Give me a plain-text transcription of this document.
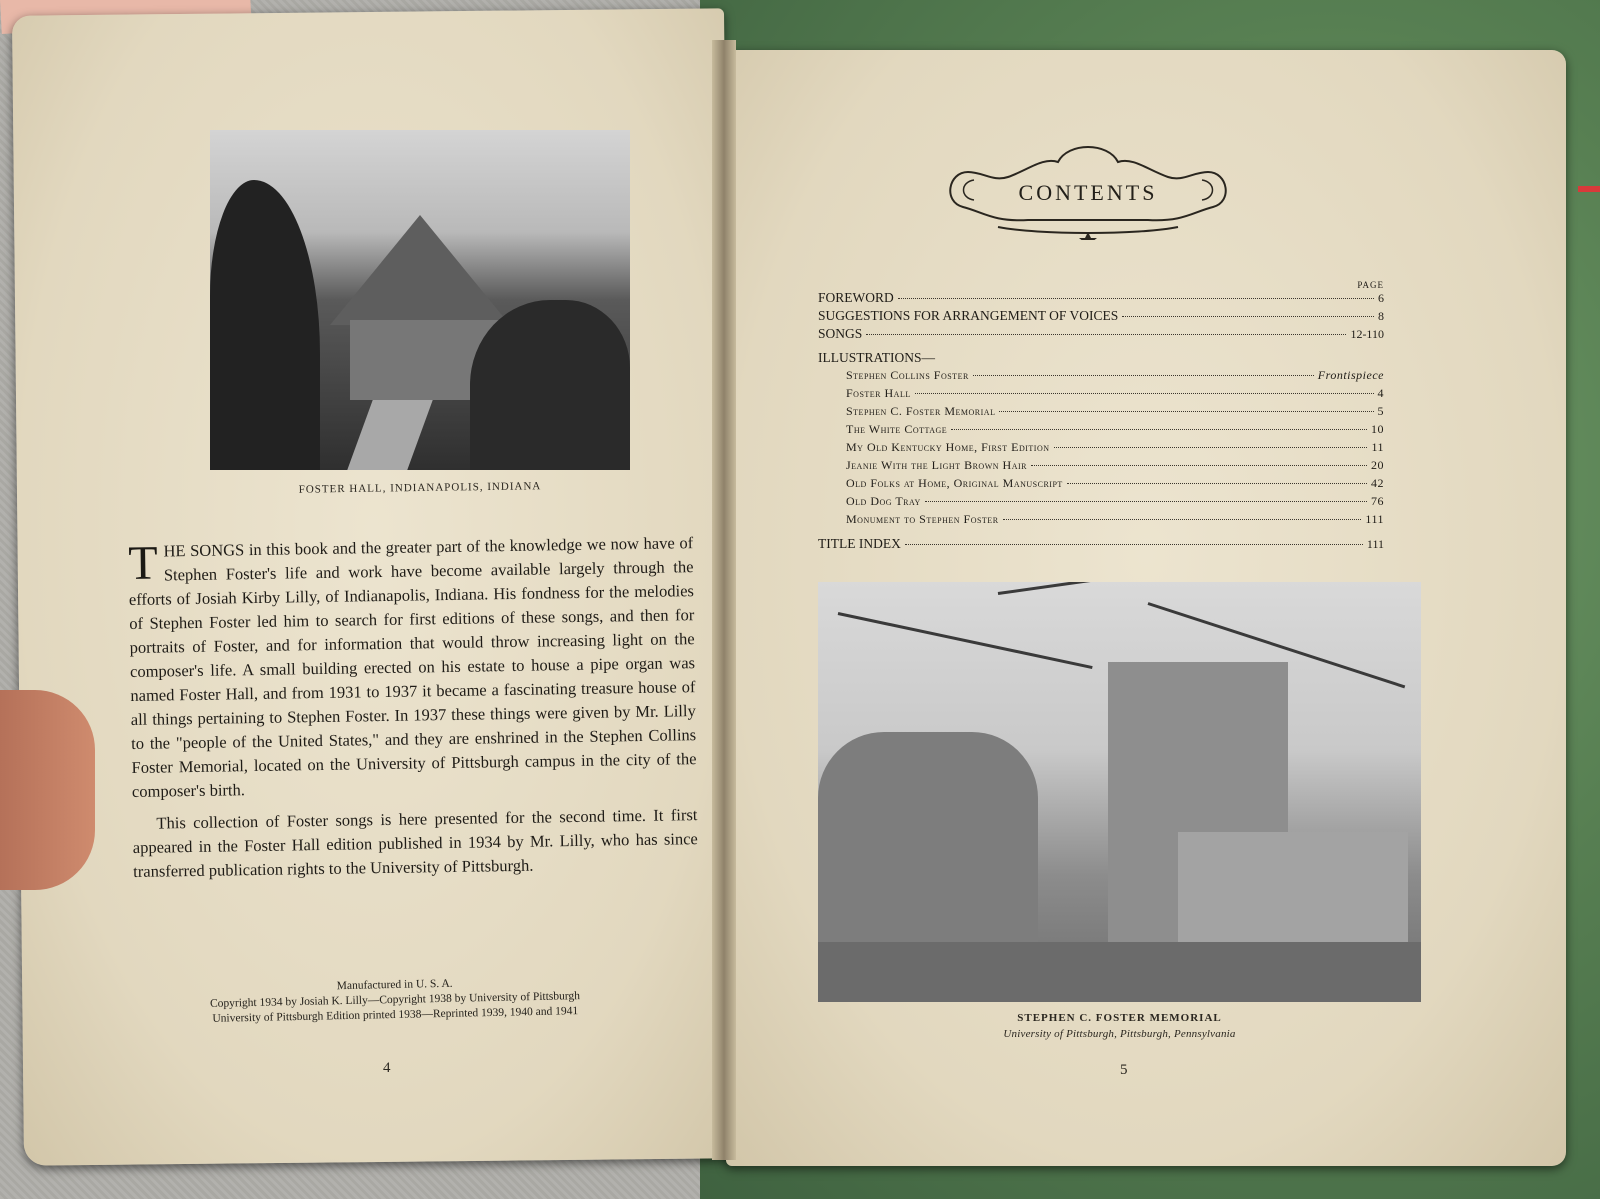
FOSTER HALL, INDIANAPOLIS, INDIANA

THE SONGS in this book and the greater part of the knowledge we now have of Stephen Foster's life and work have become available largely through the efforts of Josiah Kirby Lilly, of Indianapolis, Indiana. His fondness for the melodies of Stephen Foster led him to search for first editions of these songs, and then for portraits of Foster, and for information that would throw increasing light on the composer's life. A small building erected on his estate to house a pipe organ was named Foster Hall, and from 1931 to 1937 it became a fascinating treasure house of all things pertaining to Stephen Foster. In 1937 these things were given by Mr. Lilly to the "people of the United States," and they are enshrined in the Stephen Collins Foster Memorial, located on the University of Pittsburgh campus in the city of the composer's birth.

This collection of Foster songs is here presented for the second time. It first appeared in the Foster Hall edition published in 1934 by Mr. Lilly, who has since transferred publication rights to the University of Pittsburgh.

Manufactured in U. S. A.
Copyright 1934 by Josiah K. Lilly—Copyright 1938 by University of Pittsburgh
University of Pittsburgh Edition printed 1938—Reprinted 1939, 1940 and 1941
4
CONTENTS
PAGE
FOREWORD	6
SUGGESTIONS FOR ARRANGEMENT OF VOICES	8
SONGS	12-110
ILLUSTRATIONS—
Stephen Collins Foster	Frontispiece
Foster Hall	4
Stephen C. Foster Memorial	5
The White Cottage	10
My Old Kentucky Home, First Edition	11
Jeanie With the Light Brown Hair	20
Old Folks at Home, Original Manuscript	42
Old Dog Tray	76
Monument to Stephen Foster	111
TITLE INDEX	111
STEPHEN C. FOSTER MEMORIAL
University of Pittsburgh, Pittsburgh, Pennsylvania
5
